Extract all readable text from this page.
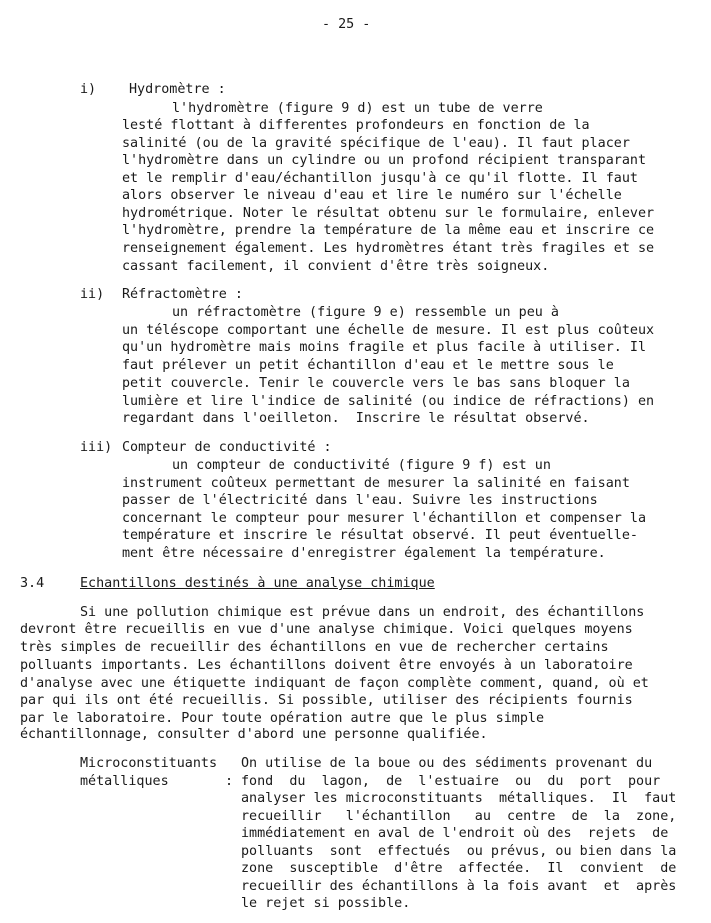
- 25 -
i) Hydromètre :
l'hydromètre (figure 9 d) est un tube de verre
lesté flottant à differentes profondeurs en fonction de la
salinité (ou de la gravité spécifique de l'eau). Il faut placer
l'hydromètre dans un cylindre ou un profond récipient transparant
et le remplir d'eau/échantillon jusqu'à ce qu'il flotte. Il faut
alors observer le niveau d'eau et lire le numéro sur l'échelle
hydrométrique. Noter le résultat obtenu sur le formulaire, enlever
l'hydromètre, prendre la température de la même eau et inscrire ce
renseignement également. Les hydromètres étant très fragiles et se
cassant facilement, il convient d'être très soigneux.
ii) Réfractomètre :
un réfractomètre (figure 9 e) ressemble un peu à
un téléscope comportant une échelle de mesure. Il est plus coûteux
qu'un hydromètre mais moins fragile et plus facile à utiliser. Il
faut prélever un petit échantillon d'eau et le mettre sous le
petit couvercle. Tenir le couvercle vers le bas sans bloquer la
lumière et lire l'indice de salinité (ou indice de réfractions) en
regardant dans l'oeilleton.  Inscrire le résultat observé.
iii) Compteur de conductivité :
un compteur de conductivité (figure 9 f) est un
instrument coûteux permettant de mesurer la salinité en faisant
passer de l'électricité dans l'eau. Suivre les instructions
concernant le compteur pour mesurer l'échantillon et compenser la
température et inscrire le résultat observé. Il peut éventuelle-
ment être nécessaire d'enregistrer également la température.
3.4	Echantillons destinés à une analyse chimique
Si une pollution chimique est prévue dans un endroit, des échantillons
devront être recueillis en vue d'une analyse chimique. Voici quelques moyens
très simples de recueillir des échantillons en vue de rechercher certains
polluants importants. Les échantillons doivent être envoyés à un laboratoire
d'analyse avec une étiquette indiquant de façon complète comment, quand, où et
par qui ils ont été recueillis. Si possible, utiliser des récipients fournis
par le laboratoire. Pour toute opération autre que le plus simple
échantillonnage, consulter d'abord une personne qualifiée.
Microconstituants
métalliques	:
On utilise de la boue ou des sédiments provenant du
fond  du  lagon,  de  l'estuaire  ou  du  port  pour
analyser les microconstituants  métalliques.  Il  faut
recueillir   l'échantillon   au  centre  de  la  zone,
immédiatement en aval de l'endroit où des  rejets  de
polluants  sont  effectués  ou prévus, ou bien dans la
zone  susceptible  d'être  affectée.  Il  convient  de
recueillir des échantillons à la fois avant  et  après
le rejet si possible.
